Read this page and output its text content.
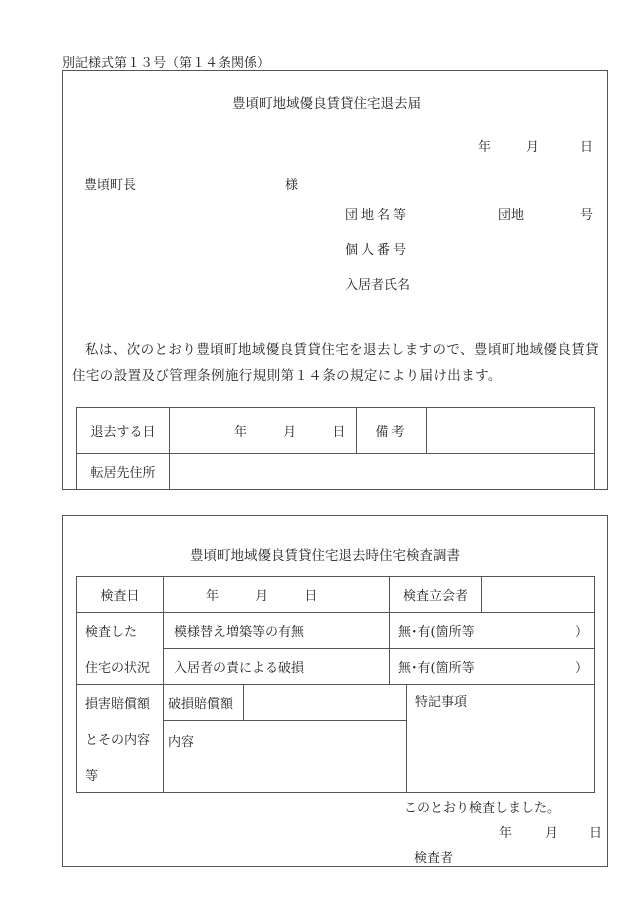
別記様式第１３号（第１４条関係）
豊頃町地域優良賃貸住宅退去届
年	月	日
豊頃町長	様
団地名等	団地	号
個人番号
入居者氏名
私は、次のとおり豊頃町地域優良賃貸住宅を退去しますので、豊頃町地域優良賃貸住宅の設置及び管理条例施行規則第１４条の規定により届け出ます。
退去する日	年 月 日	備考	
転居先住所			
豊頃町地域優良賃貸住宅退去時住宅検査調書
検査日	年 月 日		検査立会者		
検査した	模様替え増築等の有無		無･有(箇所等 ）		

住宅の状況	入居者の責による破損		無･有(箇所等 ）		

損害賠償額	破損賠償額			特記事項	
とその内容	内容				
等					
このとおり検査しました。
年	月 日
検査者
